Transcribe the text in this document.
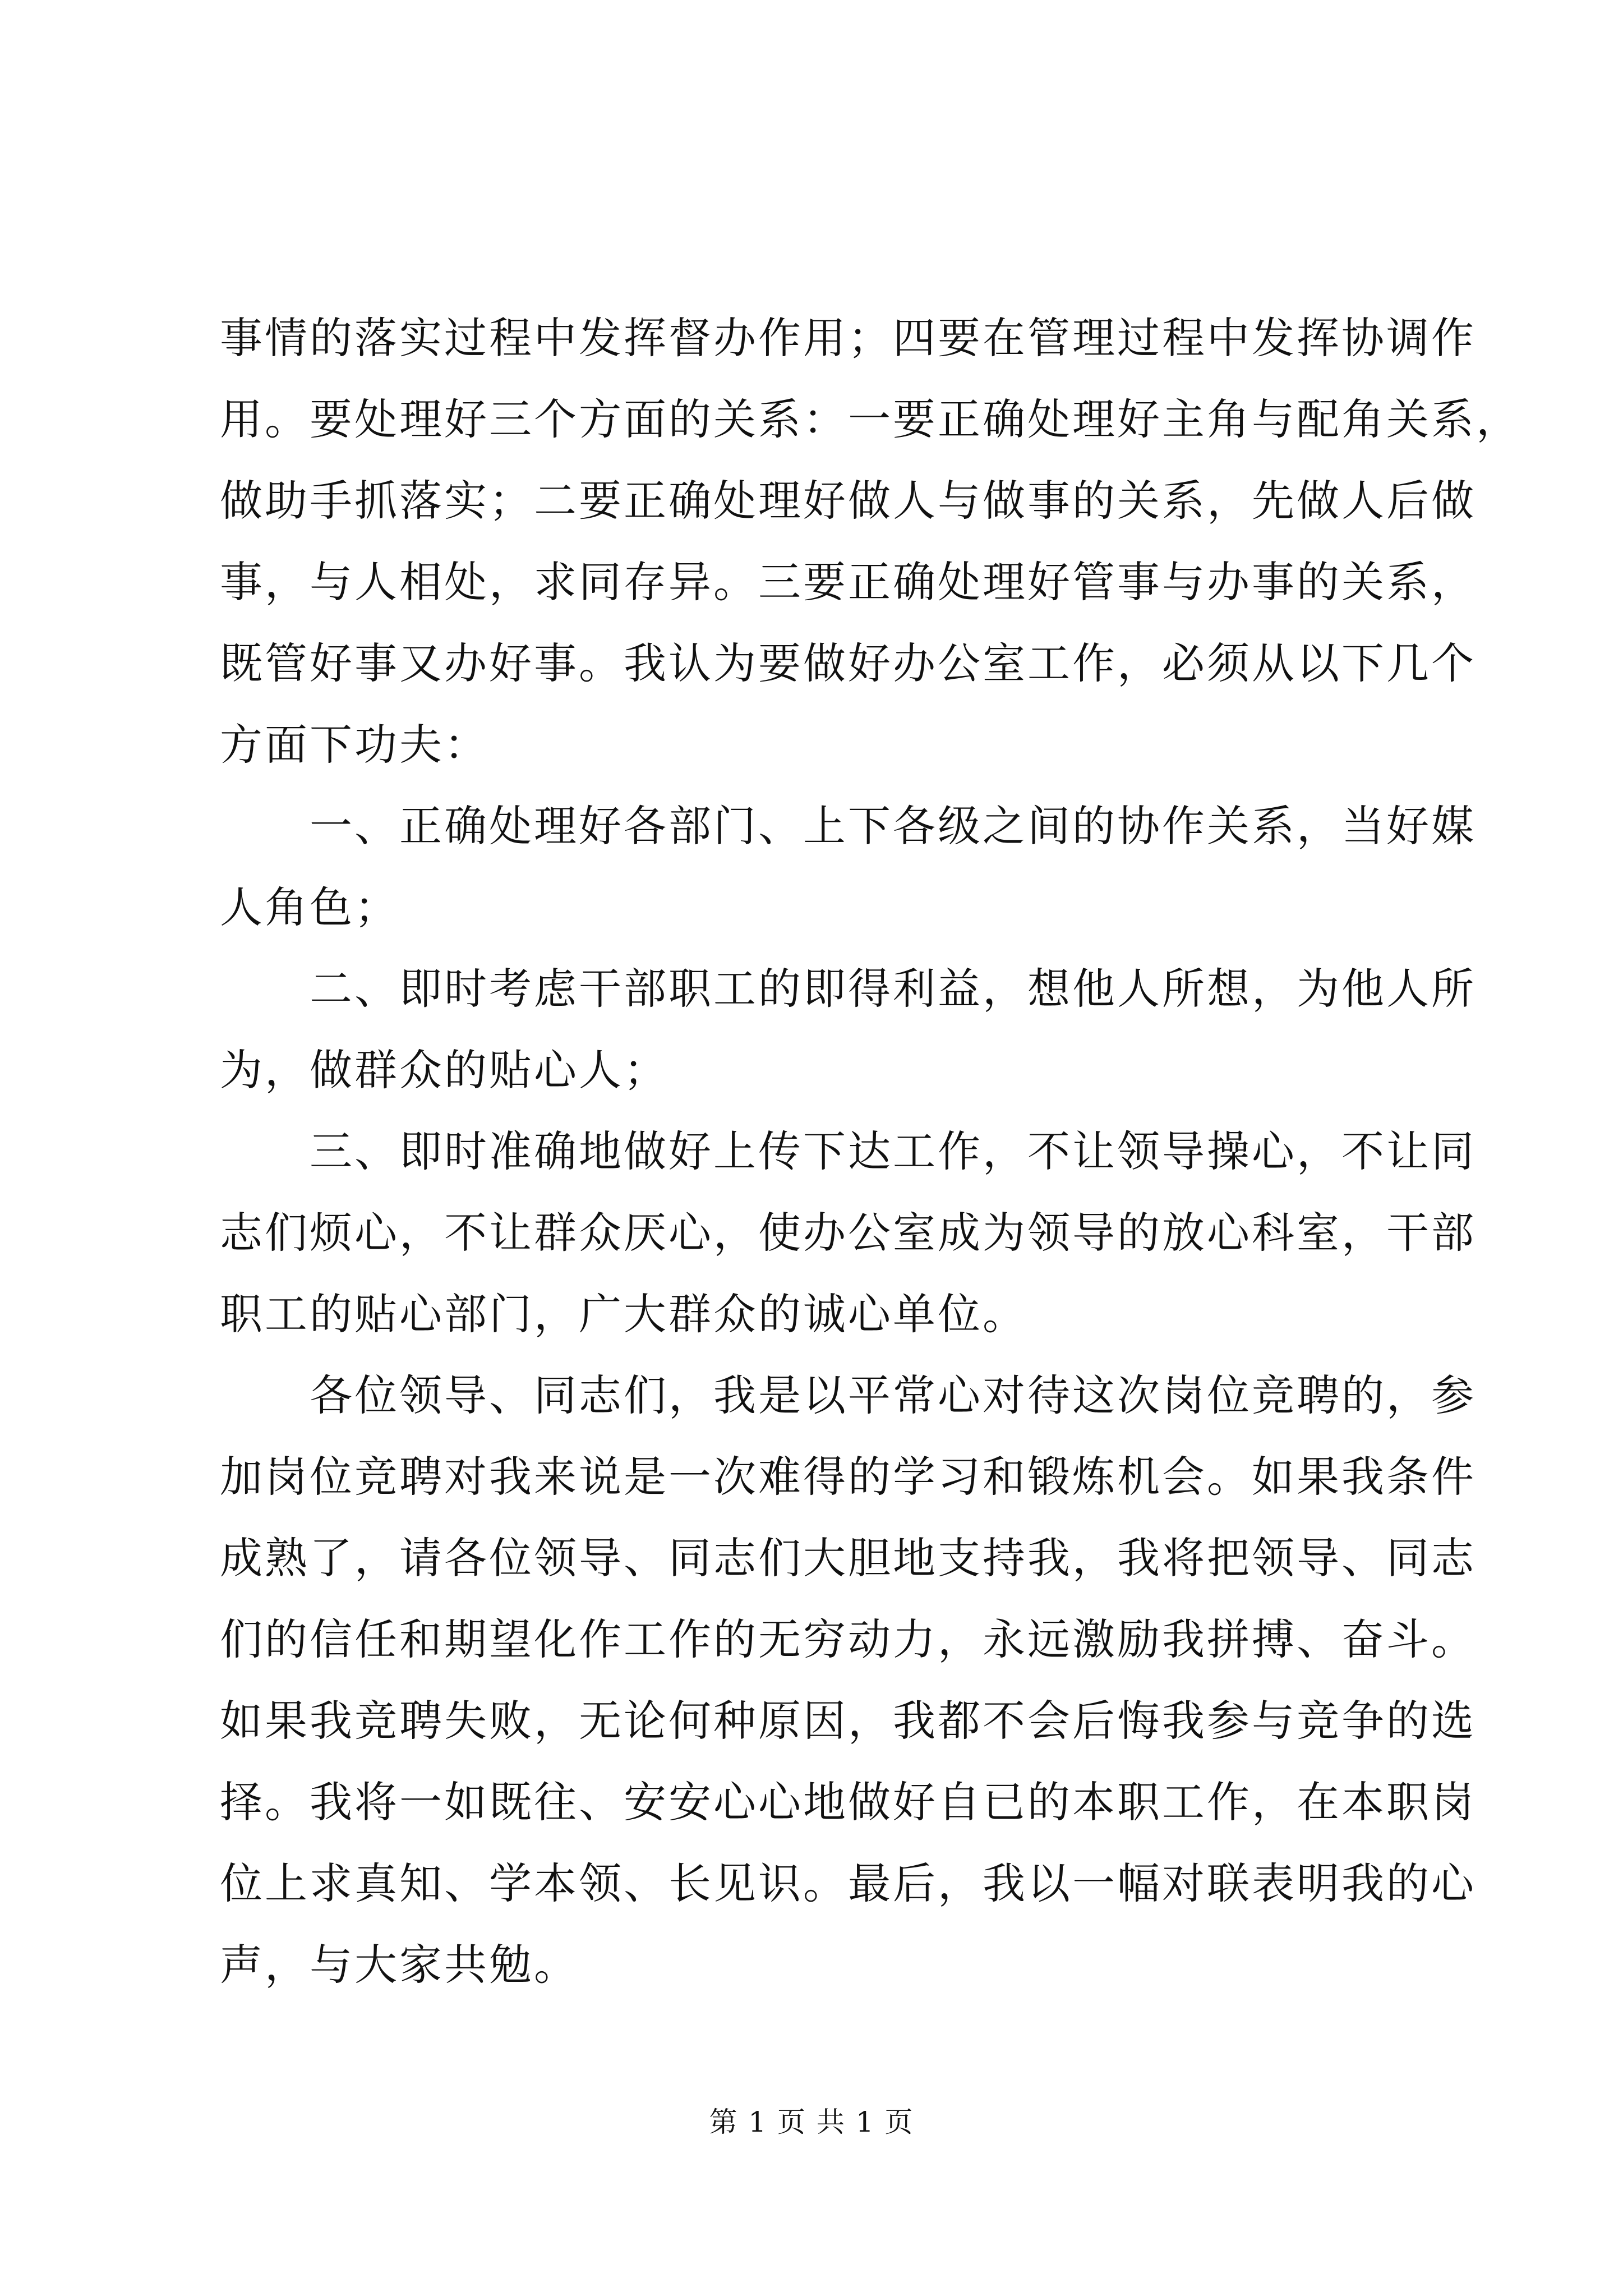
事情的落实过程中发挥督办作用；四要在管理过程中发挥协调作

用。要处理好三个方面的关系：一要正确处理好主角与配角关系，

做助手抓落实；二要正确处理好做人与做事的关系，先做人后做

事，与人相处，求同存异。三要正确处理好管事与办事的关系，

既管好事又办好事。我认为要做好办公室工作，必须从以下几个

方面下功夫：

一、正确处理好各部门、上下各级之间的协作关系，当好媒

人角色；

二、即时考虑干部职工的即得利益，想他人所想，为他人所

为，做群众的贴心人；

三、即时准确地做好上传下达工作，不让领导操心，不让同

志们烦心，不让群众厌心，使办公室成为领导的放心科室，干部

职工的贴心部门，广大群众的诚心单位。

各位领导、同志们，我是以平常心对待这次岗位竞聘的，参

加岗位竞聘对我来说是一次难得的学习和锻炼机会。如果我条件

成熟了，请各位领导、同志们大胆地支持我，我将把领导、同志

们的信任和期望化作工作的无穷动力，永远激励我拼搏、奋斗。

如果我竞聘失败，无论何种原因，我都不会后悔我参与竞争的选

择。我将一如既往、安安心心地做好自已的本职工作，在本职岗

位上求真知、学本领、长见识。最后，我以一幅对联表明我的心

声，与大家共勉。

第 1 页 共 1 页
